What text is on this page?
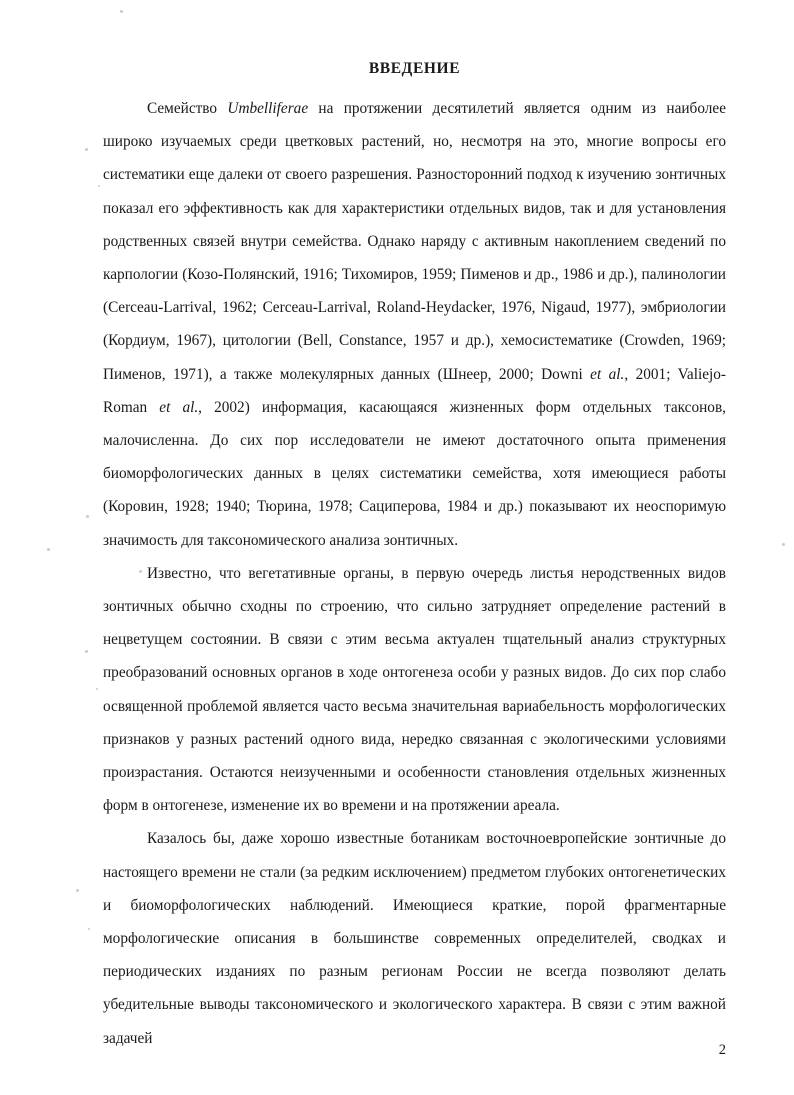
ВВЕДЕНИЕ

Семейство Umbelliferae на протяжении десятилетий является одним из наиболее широко изучаемых среди цветковых растений, но, несмотря на это, многие вопросы его систематики еще далеки от своего разрешения. Разносторонний подход к изучению зонтичных показал его эффективность как для характеристики отдельных видов, так и для установления родственных связей внутри семейства. Однако наряду с активным накоплением сведений по карпологии (Козо-Полянский, 1916; Тихомиров, 1959; Пименов и др., 1986 и др.), палинологии (Cerceau-Larrival, 1962; Cerceau-Larrival, Roland-Heydacker, 1976, Nigaud, 1977), эмбриологии (Кордиум, 1967), цитологии (Bell, Constance, 1957 и др.), хемосистематике (Crowden, 1969; Пименов, 1971), а также молекулярных данных (Шнеер, 2000; Downi et al., 2001; Valiejo-Roman et al., 2002) информация, касающаяся жизненных форм отдельных таксонов, малочисленна. До сих пор исследователи не имеют достаточного опыта применения биоморфологических данных в целях систематики семейства, хотя имеющиеся работы (Коровин, 1928; 1940; Тюрина, 1978; Сациперова, 1984 и др.) показывают их неоспоримую значимость для таксономического анализа зонтичных.

Известно, что вегетативные органы, в первую очередь листья неродственных видов зонтичных обычно сходны по строению, что сильно затрудняет определение растений в нецветущем состоянии. В связи с этим весьма актуален тщательный анализ структурных преобразований основных органов в ходе онтогенеза особи у разных видов. До сих пор слабо освященной проблемой является часто весьма значительная вариабельность морфологических признаков у разных растений одного вида, нередко связанная с экологическими условиями произрастания. Остаются неизученными и особенности становления отдельных жизненных форм в онтогенезе, изменение их во времени и на протяжении ареала.

Казалось бы, даже хорошо известные ботаникам восточноевропейские зонтичные до настоящего времени не стали (за редким исключением) предметом глубоких онтогенетических и биоморфологических наблюдений. Имеющиеся краткие, порой фрагментарные морфологические описания в большинстве современных определителей, сводках и периодических изданиях по разным регионам России не всегда позволяют делать убедительные выводы таксономического и экологического характера. В связи с этим важной задачей

2
